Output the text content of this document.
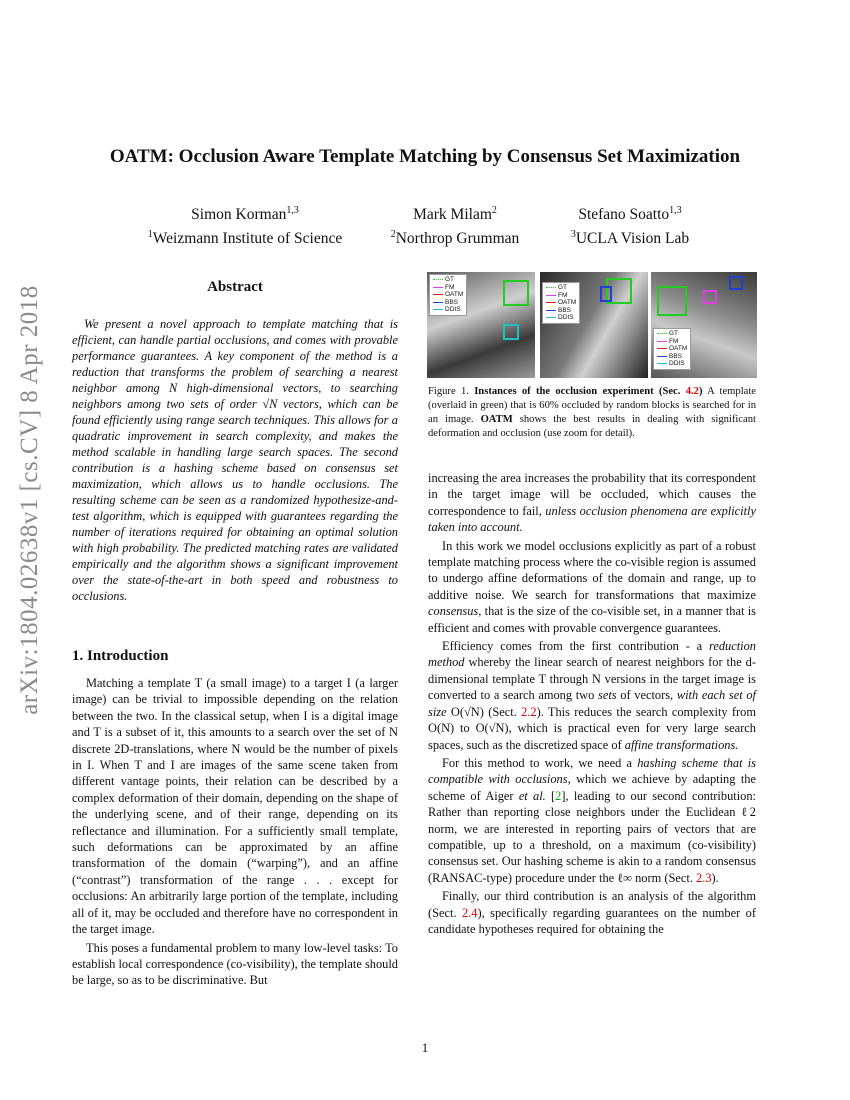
arXiv:1804.02638v1 [cs.CV] 8 Apr 2018
OATM: Occlusion Aware Template Matching by Consensus Set Maximization
Simon Korman$^{1,3}$
$^1$Weizmann Institute of Science
Mark Milam$^2$
$^2$Northrop Grumman
Stefano Soatto$^{1,3}$
$^3$UCLA Vision Lab
Abstract

We present a novel approach to template matching that is efficient, can handle partial occlusions, and comes with provable performance guarantees. A key component of the method is a reduction that transforms the problem of searching a nearest neighbor among N high-dimensional vectors, to searching neighbors among two sets of order √N vectors, which can be found efficiently using range search techniques. This allows for a quadratic improvement in search complexity, and makes the method scalable in handling large search spaces. The second contribution is a hashing scheme based on consensus set maximization, which allows us to handle occlusions. The resulting scheme can be seen as a randomized hypothesize-and-test algorithm, which is equipped with guarantees regarding the number of iterations required for obtaining an optimal solution with high probability. The predicted matching rates are validated empirically and the algorithm shows a significant improvement over the state-of-the-art in both speed and robustness to occlusions.

1. Introduction

Matching a template T (a small image) to a target I (a larger image) can be trivial to impossible depending on the relation between the two. In the classical setup, when I is a digital image and T is a subset of it, this amounts to a search over the set of N discrete 2D-translations, where N would be the number of pixels in I. When T and I are images of the same scene taken from different vantage points, their relation can be described by a complex deformation of their domain, depending on the shape of the underlying scene, and of their range, depending on its reflectance and illumination. For a sufficiently small template, such deformations can be approximated by an affine transformation of the domain (“warping”), and an affine (“contrast”) transformation of the range . . . except for occlusions: An arbitrarily large portion of the template, including all of it, may be occluded and therefore have no correspondent in the target image.

This poses a fundamental problem to many low-level tasks: To establish local correspondence (co-visibility), the template should be large, so as to be discriminative. But

GT
FM
OATM
BBS
DDIS
GT
FM
OATM
BBS
DDIS
GT
FM
OATM
BBS
DDIS
Figure 1. Instances of the occlusion experiment (Sec. 4.2) A template (overlaid in green) that is 60% occluded by random blocks is searched for in an image. OATM shows the best results in dealing with significant deformation and occlusion (use zoom for detail).

increasing the area increases the probability that its correspondent in the target image will be occluded, which causes the correspondence to fail, unless occlusion phenomena are explicitly taken into account.

In this work we model occlusions explicitly as part of a robust template matching process where the co-visible region is assumed to undergo affine deformations of the domain and range, up to additive noise. We search for transformations that maximize consensus, that is the size of the co-visible set, in a manner that is efficient and comes with provable convergence guarantees.

Efficiency comes from the first contribution - a reduction method whereby the linear search of nearest neighbors for the d-dimensional template T through N versions in the target image is converted to a search among two sets of vectors, with each set of size O(√N) (Sect. 2.2). This reduces the search complexity from O(N) to O(√N), which is practical even for very large search spaces, such as the discretized space of affine transformations.

For this method to work, we need a hashing scheme that is compatible with occlusions, which we achieve by adapting the scheme of Aiger et al. [2], leading to our second contribution: Rather than reporting close neighbors under the Euclidean ℓ2 norm, we are interested in reporting pairs of vectors that are compatible, up to a threshold, on a maximum (co-visibility) consensus set. Our hashing scheme is akin to a random consensus (RANSAC-type) procedure under the ℓ∞ norm (Sect. 2.3).

Finally, our third contribution is an analysis of the algorithm (Sect. 2.4), specifically regarding guarantees on the number of candidate hypotheses required for obtaining the

1
